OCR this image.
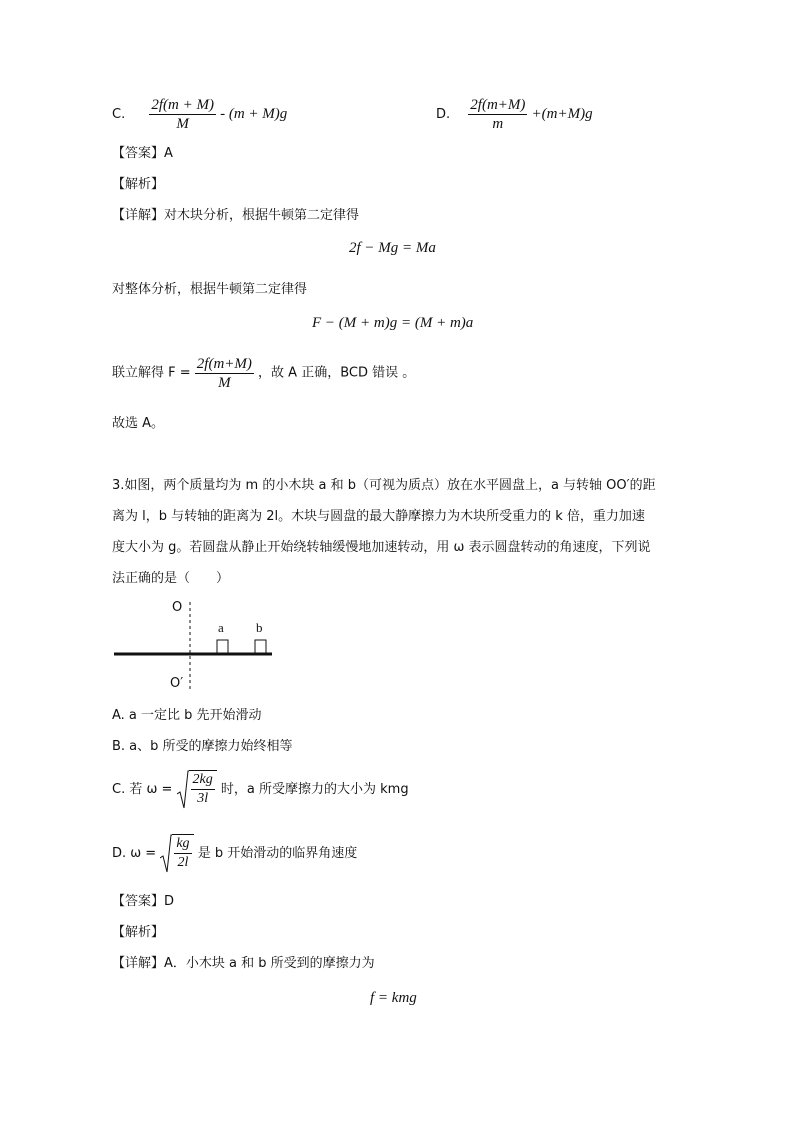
C. $\frac{2f(m + M)}{M} - (m + M)g$	D. $\frac{2f(m+M)}{m} +(m+M)g$
【答案】A
【解析】
【详解】对木块分析，根据牛顿第二定律得
2f − Mg = Ma
对整体分析，根据牛顿第二定律得
F − (M + m)g = (M + m)a
联立解得 $F = \frac{2f(m+M)}{M}$ ，故 A 正确，BCD 错误 。
故选 A。
3.如图，两个质量均为 m 的小木块 a 和 b（可视为质点）放在水平圆盘上，a 与转轴 OO′的距
离为 l，b 与转轴的距离为 2l。木块与圆盘的最大静摩擦力为木块所受重力的 k 倍，重力加速
度大小为 g。若圆盘从静止开始绕转轴缓慢地加速转动，用 ω 表示圆盘转动的角速度，下列说
法正确的是（　　）
O
O′
a b
A. a 一定比 b 先开始滑动
B. a、b 所受的摩擦力始终相等
C. 若 $\omega = \frac{2kg}{3l}$ 时，a 所受摩擦力的大小为 kmg
D. $\omega = \frac{kg}{2l}$ 是 b 开始滑动的临界角速度
【答案】D
【解析】
【详解】A．小木块 a 和 b 所受到的摩擦力为
f = kmg
